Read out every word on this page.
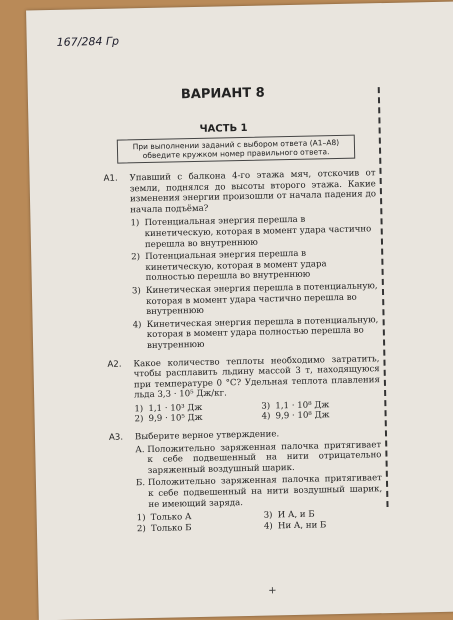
167/284 Гр
ВАРИАНТ 8
ЧАСТЬ 1
При выполнении заданий с выбором ответа (А1–А8) обведите кружком номер правильного ответа.
А1. Упавший с балкона 4-го этажа мяч, отскочив от земли, поднялся до высоты второго этажа. Какие изменения энергии произошли от начала падения до начала подъёма?
1) Потенциальная энергия перешла в кинетическую, которая в момент удара частично перешла во внутреннюю
2) Потенциальная энергия перешла в кинетическую, которая в момент удара полностью перешла во внутреннюю
3) Кинетическая энергия перешла в потенциальную, которая в момент удара частично перешла во внутреннюю
4) Кинетическая энергия перешла в потенциальную, которая в момент удара полностью перешла во внутреннюю
А2. Какое количество теплоты необходимо затратить, чтобы расплавить льдину массой 3 т, находящуюся при температуре 0 °С? Удельная теплота плавления льда 3,3 · 10⁵ Дж/кг.
1) 1,1 · 10³ Дж	3) 1,1 · 10⁸ Дж
2) 9,9 · 10⁵ Дж	4) 9,9 · 10⁸ Дж
А3. Выберите верное утверждение.
А. Положительно заряженная палочка притягивает к себе подвешенный на нити отрицательно заряженный воздушный шарик.
Б. Положительно заряженная палочка притягивает к себе подвешенный на нити воздушный шарик, не имеющий заряда.
1) Только А	3) И А, и Б
2) Только Б	4) Ни А, ни Б
+
